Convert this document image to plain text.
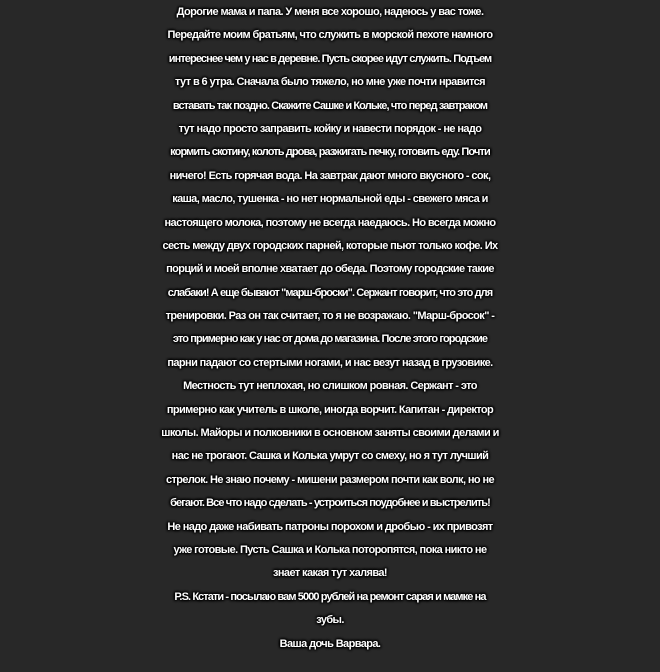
Дорогие мама и папа. У меня все хорошо, надеюсь у вас тоже.
Передайте моим братьям, что служить в морской пехоте намного
интереснее чем у нас в деревне. Пусть скорее идут служить. Подъем
тут в 6 утра. Сначала было тяжело, но мне уже почти нравится
вставать так поздно. Скажите Сашке и Кольке, что перед завтраком
тут надо просто заправить койку и навести порядок - не надо
кормить скотину, колоть дрова, разжигать печку, готовить еду. Почти
ничего! Есть горячая вода. На завтрак дают много вкусного - сок,
каша, масло, тушенка - но нет нормальной еды - свежего мяса и
настоящего молока, поэтому не всегда наедаюсь. Но всегда можно
сесть между двух городских парней, которые пьют только кофе. Их
порций и моей вполне хватает до обеда. Поэтому городские такие
слабаки! А еще бывают "марш-броски". Сержант говорит, что это для
тренировки. Раз он так считает, то я не возражаю. "Марш-бросок" -
это примерно как у нас от дома до магазина. После этого городские
парни падают со стертыми ногами, и нас везут назад в грузовике.
Местность тут неплохая, но слишком ровная. Сержант - это
примерно как учитель в школе, иногда ворчит. Капитан - директор
школы. Майоры и полковники в основном заняты своими делами и
нас не трогают. Сашка и Колька умрут со смеху, но я тут лучший
стрелок. Не знаю почему - мишени размером почти как волк, но не
бегают. Все что надо сделать - устроиться поудобнее и выстрелить!
Не надо даже набивать патроны порохом и дробью - их привозят
уже готовые. Пусть Сашка и Колька поторопятся, пока никто не
знает какая тут халява!
P.S. Кстати - посылаю вам 5000 рублей на ремонт сарая и мамке на
зубы.
Ваша дочь Варвара.
